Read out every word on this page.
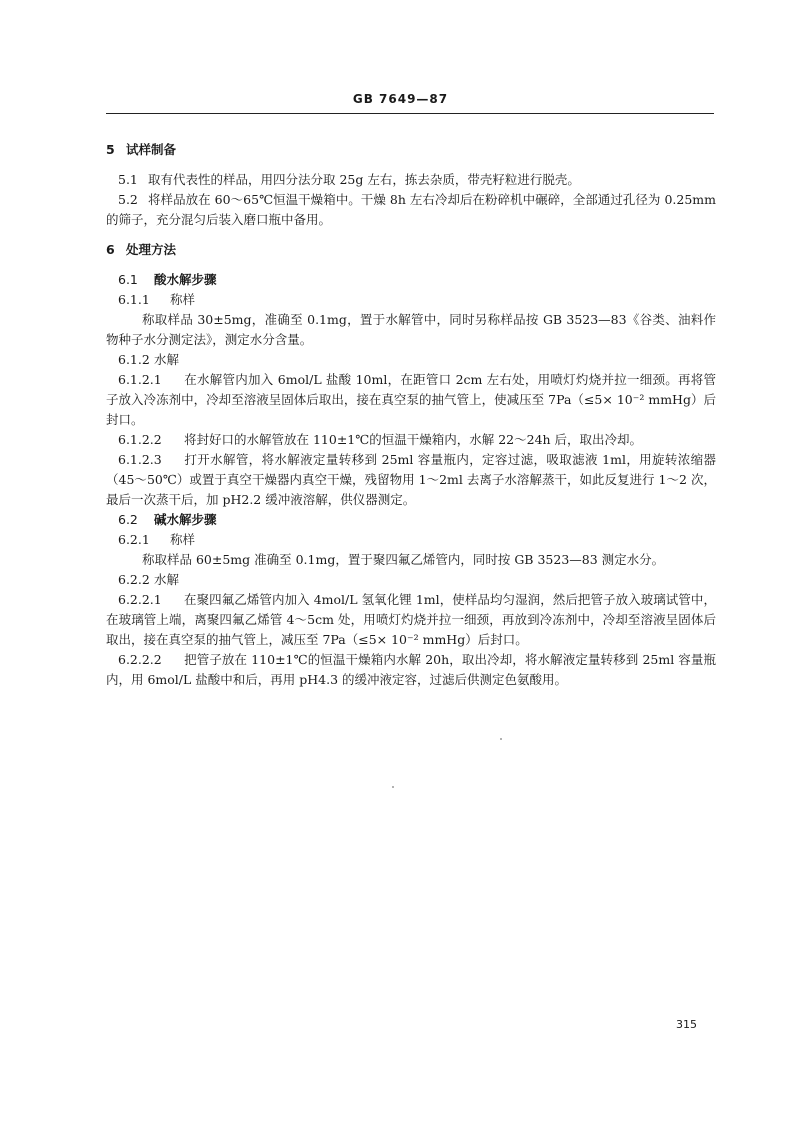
GB 7649—87
5 试样制备

5.1 取有代表性的样品，用四分法分取 25g 左右，拣去杂质，带壳籽粒进行脱壳。

5.2 将样品放在 60～65℃恒温干燥箱中。干燥 8h 左右冷却后在粉碎机中碾碎，全部通过孔径为 0.25mm 的筛子，充分混匀后装入磨口瓶中备用。

6 处理方法
6.1 酸水解步骤
6.1.1 称样

称取样品 30±5mg，准确至 0.1mg，置于水解管中，同时另称样品按 GB 3523—83《谷类、油料作物种子水分测定法》，测定水分含量。

6.1.2 水解

6.1.2.1 在水解管内加入 6mol/L 盐酸 10ml，在距管口 2cm 左右处，用喷灯灼烧并拉一细颈。再将管子放入冷冻剂中，冷却至溶液呈固体后取出，接在真空泵的抽气管上，使减压至 7Pa（≤5× 10⁻² mmHg）后封口。

6.1.2.2 将封好口的水解管放在 110±1℃的恒温干燥箱内，水解 22～24h 后，取出冷却。

6.1.2.3 打开水解管，将水解液定量转移到 25ml 容量瓶内，定容过滤，吸取滤液 1ml，用旋转浓缩器（45～50℃）或置于真空干燥器内真空干燥，残留物用 1～2ml 去离子水溶解蒸干，如此反复进行 1～2 次，最后一次蒸干后，加 pH2.2 缓冲液溶解，供仪器测定。

6.2 碱水解步骤
6.2.1 称样

称取样品 60±5mg 准确至 0.1mg，置于聚四氟乙烯管内，同时按 GB 3523—83 测定水分。

6.2.2 水解

6.2.2.1 在聚四氟乙烯管内加入 4mol/L 氢氧化锂 1ml，使样品均匀湿润，然后把管子放入玻璃试管中，在玻璃管上端，离聚四氟乙烯管 4～5cm 处，用喷灯灼烧并拉一细颈，再放到冷冻剂中，冷却至溶液呈固体后取出，接在真空泵的抽气管上，减压至 7Pa（≤5× 10⁻² mmHg）后封口。

6.2.2.2 把管子放在 110±1℃的恒温干燥箱内水解 20h，取出冷却，将水解液定量转移到 25ml 容量瓶内，用 6mol/L 盐酸中和后，再用 pH4.3 的缓冲液定容，过滤后供测定色氨酸用。

315
